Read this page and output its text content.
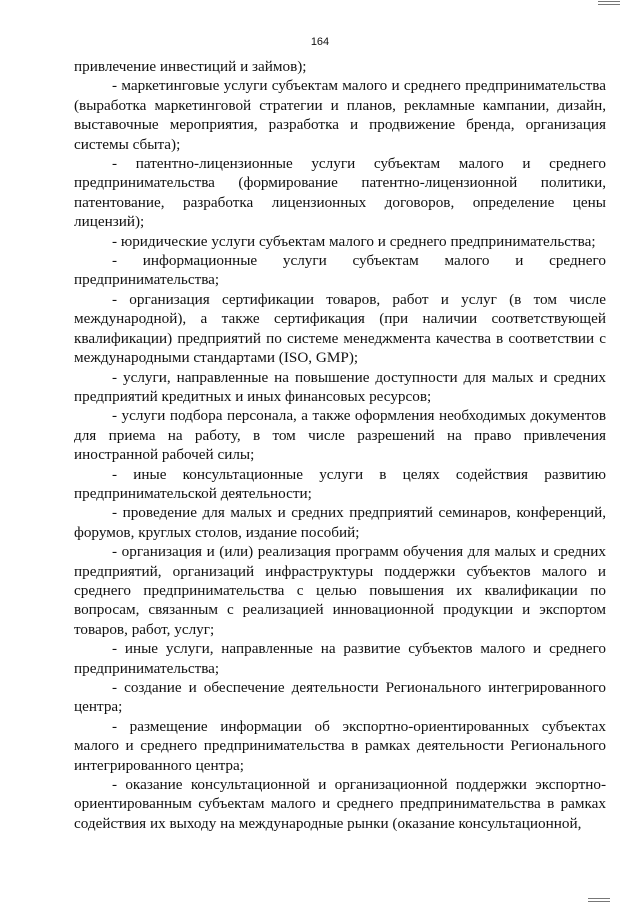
164

привлечение инвестиций и займов);

- маркетинговые услуги субъектам малого и среднего предпринимательства (выработка маркетинговой стратегии и планов, рекламные кампании, дизайн, выставочные мероприятия, разработка и продвижение бренда, организация системы сбыта);

- патентно-лицензионные услуги субъектам малого и среднего предпринимательства (формирование патентно-лицензионной политики, патентование, разработка лицензионных договоров, определение цены лицензий);

- юридические услуги субъектам малого и среднего предпринимательства;

- информационные услуги субъектам малого и среднего предпринимательства;

- организация сертификации товаров, работ и услуг (в том числе международной), а также сертификация (при наличии соответствующей квалификации) предприятий по системе менеджмента качества в соответствии с международными стандартами (ISO, GMP);

- услуги, направленные на повышение доступности для малых и средних предприятий кредитных и иных финансовых ресурсов;

- услуги подбора персонала, а также оформления необходимых документов для приема на работу, в том числе разрешений на право привлечения иностранной рабочей силы;

- иные консультационные услуги в целях содействия развитию предпринимательской деятельности;

- проведение для малых и средних предприятий семинаров, конференций, форумов, круглых столов, издание пособий;

- организация и (или) реализация программ обучения для малых и средних предприятий, организаций инфраструктуры поддержки субъектов малого и среднего предпринимательства с целью повышения их квалификации по вопросам, связанным с реализацией инновационной продукции и экспортом товаров, работ, услуг;

- иные услуги, направленные на развитие субъектов малого и среднего предпринимательства;

- создание и обеспечение деятельности Регионального интегрированного центра;

- размещение информации об экспортно-ориентированных субъектах малого и среднего предпринимательства в рамках деятельности Регионального интегрированного центра;

- оказание консультационной и организационной поддержки экспортно-ориентированным субъектам малого и среднего предпринимательства в рамках содействия их выходу на международные рынки (оказание консультационной,
